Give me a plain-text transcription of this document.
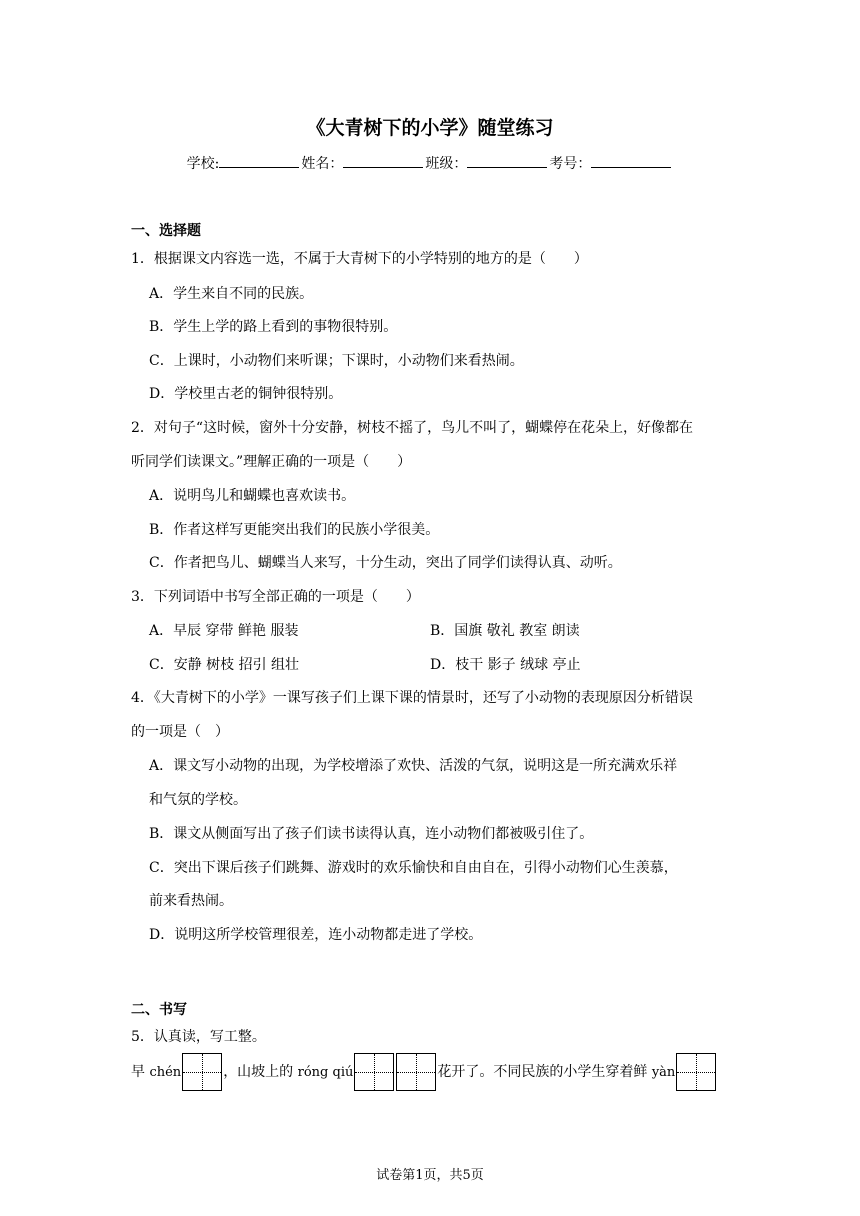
《大青树下的小学》随堂练习
学校:	姓名：	班级：	考号：
一、选择题
1．根据课文内容选一选，不属于大青树下的小学特别的地方的是（　　）
A．学生来自不同的民族。
B．学生上学的路上看到的事物很特别。
C．上课时，小动物们来听课；下课时，小动物们来看热闹。
D．学校里古老的铜钟很特别。
2．对句子“这时候，窗外十分安静，树枝不摇了，鸟儿不叫了，蝴蝶停在花朵上，好像都在
听同学们读课文。”理解正确的一项是（　　）
A．说明鸟儿和蝴蝶也喜欢读书。
B．作者这样写更能突出我们的民族小学很美。
C．作者把鸟儿、蝴蝶当人来写，十分生动，突出了同学们读得认真、动听。
3．下列词语中书写全部正确的一项是（　　）
A．早辰 穿带 鲜艳 服装	B．国旗 敬礼 教室 朗读
C．安静 树枝 招引 组壮	D．枝干 影子 绒球 亭止
4．《大青树下的小学》一课写孩子们上课下课的情景时，还写了小动物的表现原因分析错误
的一项是（　）
A．课文写小动物的出现，为学校增添了欢快、活泼的气氛，说明这是一所充满欢乐祥
和气氛的学校。
B．课文从侧面写出了孩子们读书读得认真，连小动物们都被吸引住了。
C．突出下课后孩子们跳舞、游戏时的欢乐愉快和自由自在，引得小动物们心生羡慕，
前来看热闹。
D．说明这所学校管理很差，连小动物都走进了学校。
二、书写
5．认真读，写工整。
早 chén	，山坡上的 róng qiú	花开了。不同民族的小学生穿着鲜 yàn
试卷第1页，共5页
